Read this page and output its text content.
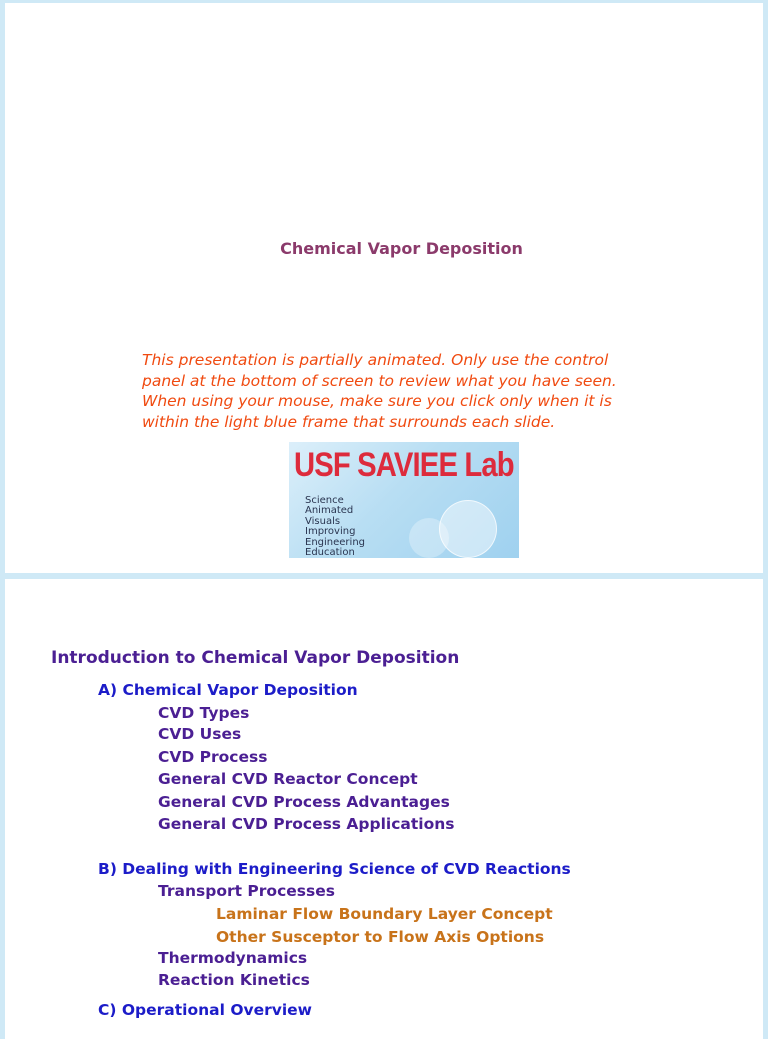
Chemical Vapor Deposition
This presentation is partially animated. Only use the control
panel at the bottom of screen to review what you have seen.
When using your mouse, make sure you click only when it is
within the light blue frame that surrounds each slide.
USF SAVIEE Lab
Science
Animated
Visuals
Improving
Engineering
Education
Introduction to Chemical Vapor Deposition
A) Chemical Vapor Deposition
CVD Types
CVD Uses
CVD Process
General CVD Reactor Concept
General CVD Process Advantages
General CVD Process Applications
B) Dealing with Engineering Science of CVD Reactions
Transport Processes
Laminar Flow Boundary Layer Concept
Other Susceptor to Flow Axis Options
Thermodynamics
Reaction Kinetics
C) Operational Overview
